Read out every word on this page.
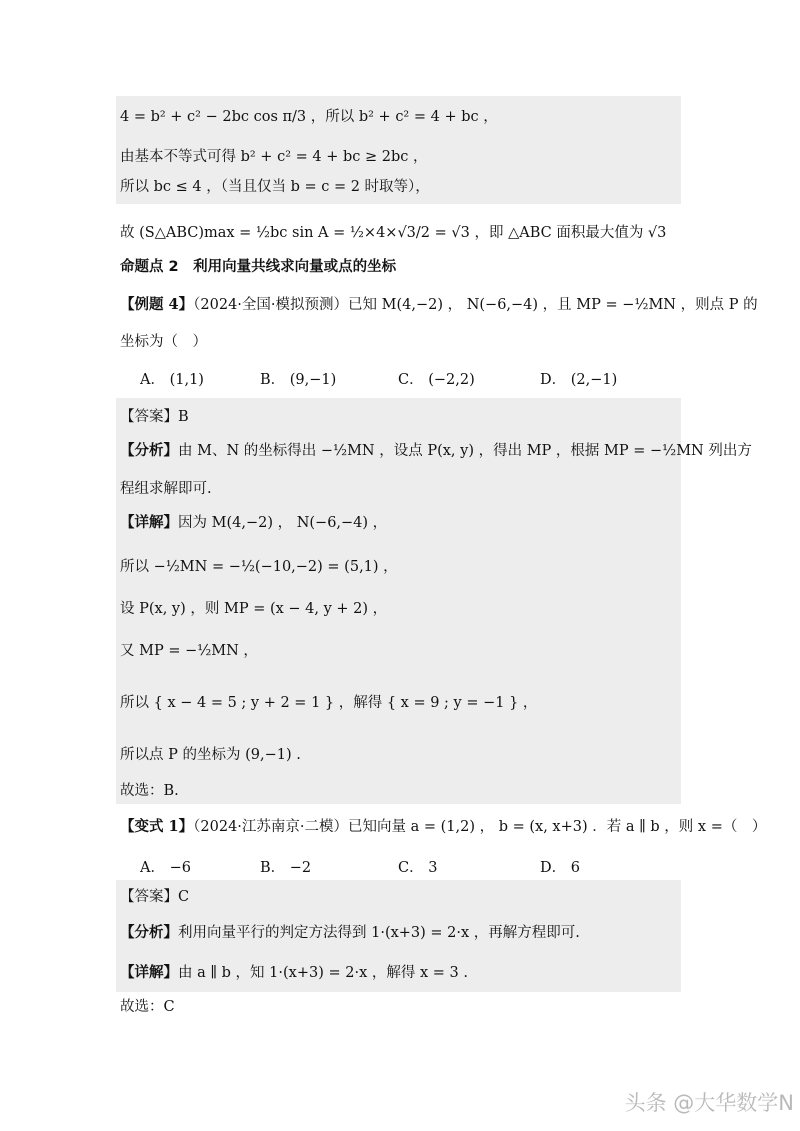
4 = b² + c² − 2bc cos π/3 ，所以 b² + c² = 4 + bc ，
由基本不等式可得 b² + c² = 4 + bc ≥ 2bc ，
所以 bc ≤ 4 ，（当且仅当 b = c = 2 时取等），
故 (S△ABC)max = ½bc sin A = ½×4×√3/2 = √3 ，即 △ABC 面积最大值为 √3
命题点 2　利用向量共线求向量或点的坐标
【例题 4】（2024·全国·模拟预测）已知 M(4,−2) ， N(−6,−4) ，且 MP = −½MN ，则点 P 的
坐标为（　）
A． (1,1)	B． (9,−1)	C． (−2,2)	D． (2,−1)
【答案】B
【分析】由 M、N 的坐标得出 −½MN ，设点 P(x, y) ，得出 MP ，根据 MP = −½MN 列出方
程组求解即可.
【详解】因为 M(4,−2) ， N(−6,−4) ，
所以 −½MN = −½(−10,−2) = (5,1) ，
设 P(x, y) ，则 MP = (x − 4, y + 2) ，
又 MP = −½MN ，
所以 { x − 4 = 5 ; y + 2 = 1 } ，解得 { x = 9 ; y = −1 } ，
所以点 P 的坐标为 (9,−1) .
故选：B.
【变式 1】（2024·江苏南京·二模）已知向量 a = (1,2) ， b = (x, x+3) ．若 a ∥ b ，则 x =（　）
A． −6	B． −2	C． 3	D． 6
【答案】C
【分析】利用向量平行的判定方法得到 1·(x+3) = 2·x ，再解方程即可.
【详解】由 a ∥ b ，知 1·(x+3) = 2·x ，解得 x = 3 .
故选：C
头条 @大华数学N
